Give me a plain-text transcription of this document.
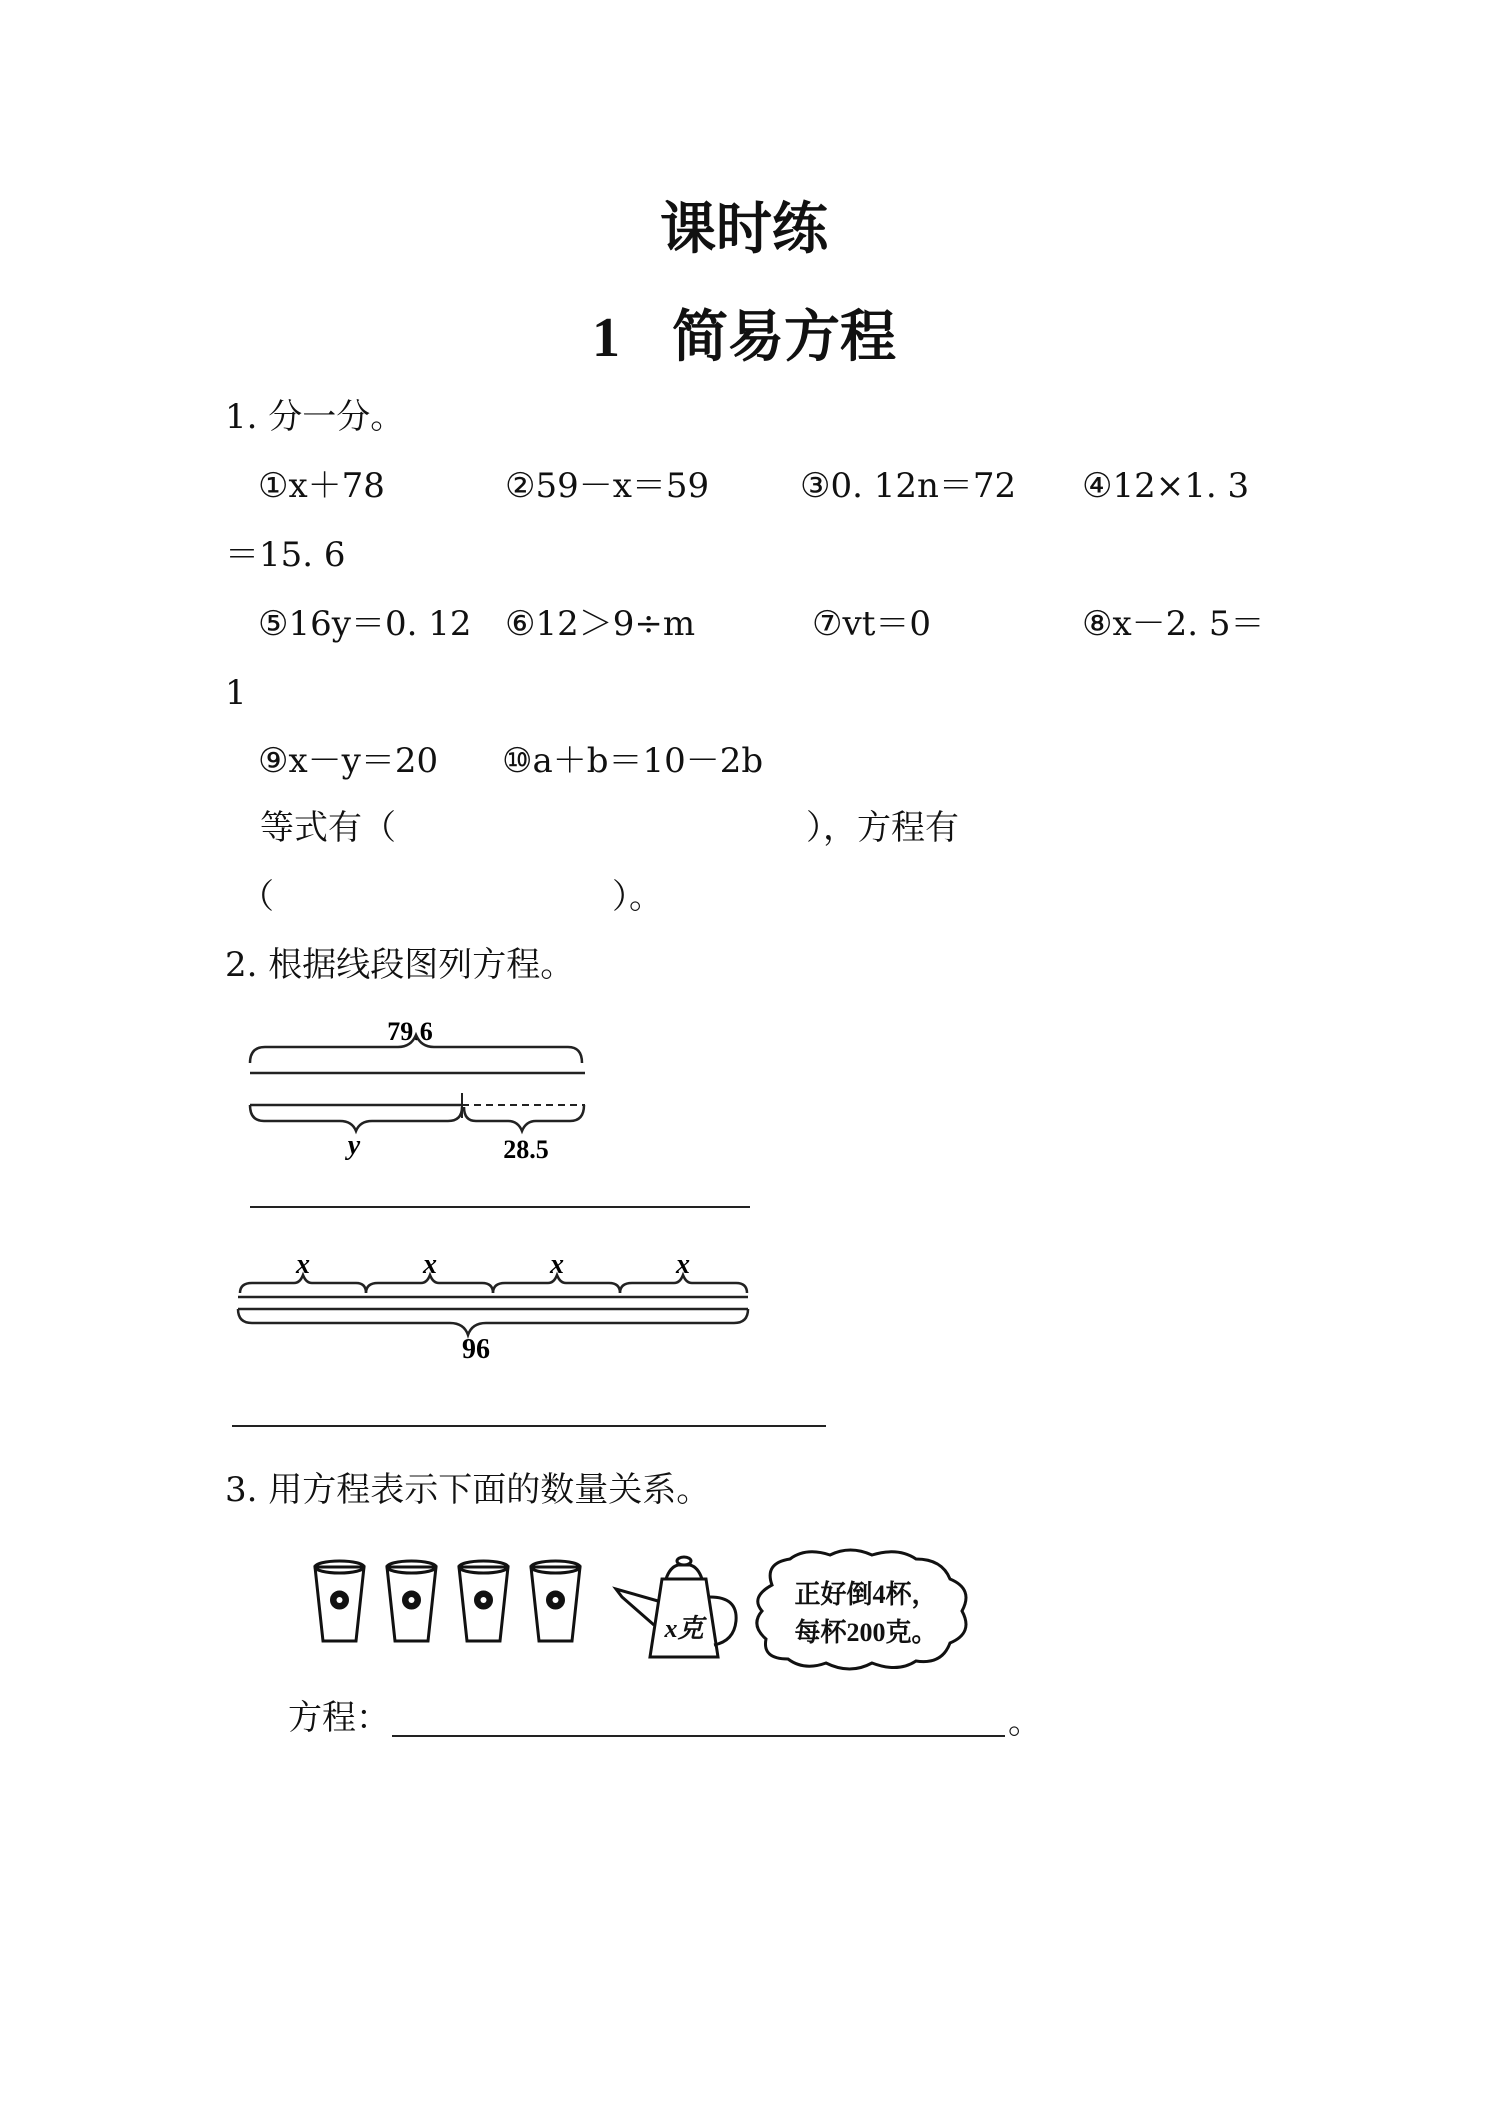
课时练
1 简易方程
1. 分一分。
①x＋78	②59－x＝59	③0. 12n＝72 ④12×1. 3
＝15. 6
⑤16y＝0. 12 ⑥12＞9÷m	⑦vt＝0	⑧x－2. 5＝
1
⑨x－y＝20 ⑩a＋b＝10－2b
等式有（	），方程有
（	）。
2. 根据线段图列方程。
79.6
y	28.5
x	x	x	x
96
3. 用方程表示下面的数量关系。
x克
正好倒4杯，
每杯200克。
方程：	。
